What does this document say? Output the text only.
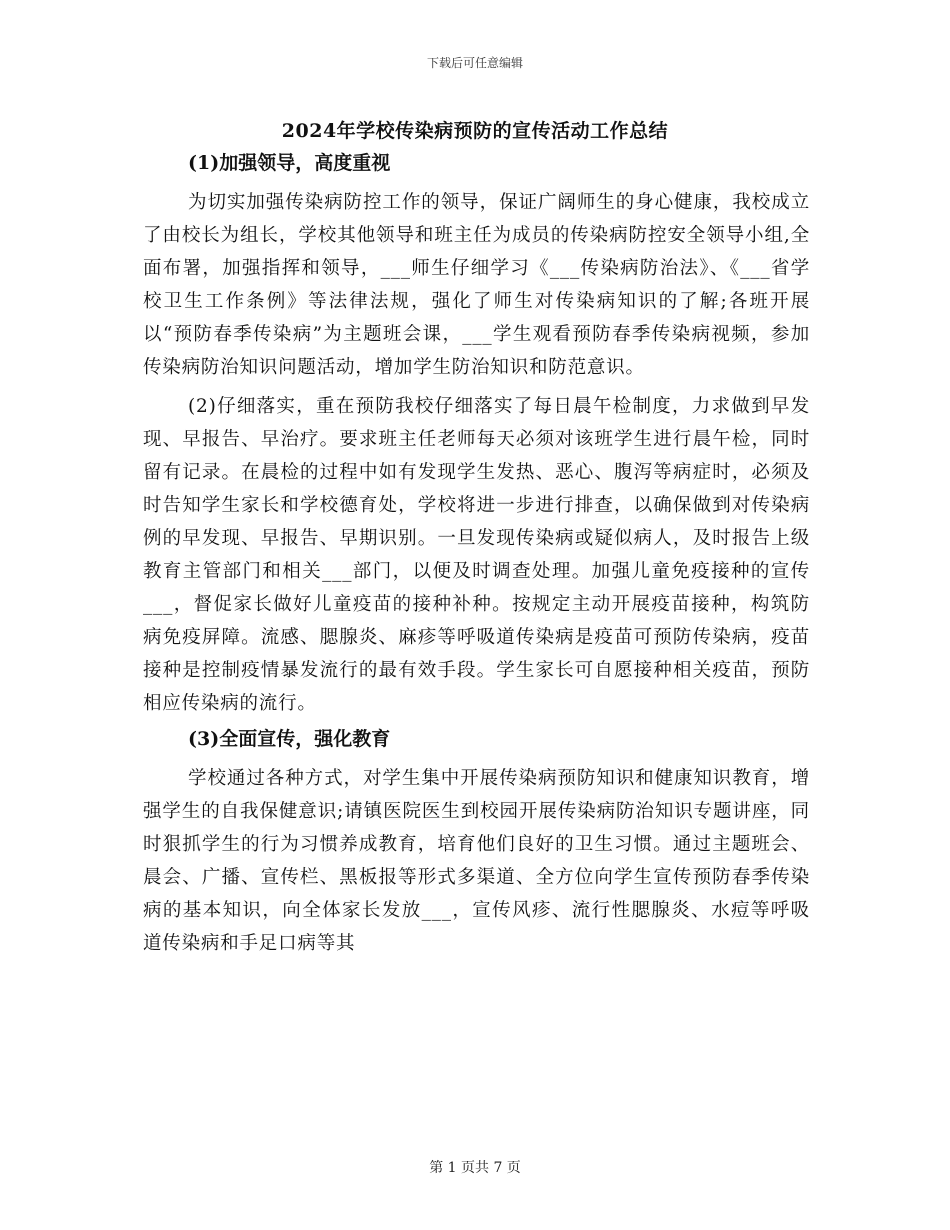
下载后可任意编辑
2024年学校传染病预防的宣传活动工作总结
(1)加强领导，高度重视

为切实加强传染病防控工作的领导，保证广阔师生的身心健康，我校成立了由校长为组长，学校其他领导和班主任为成员的传染病防控安全领导小组,全面布署，加强指挥和领导，___师生仔细学习《___传染病防治法》、《___省学校卫生工作条例》等法律法规，强化了师生对传染病知识的了解;各班开展以“预防春季传染病”为主题班会课，___学生观看预防春季传染病视频，参加传染病防治知识问题活动，增加学生防治知识和防范意识。

(2)仔细落实，重在预防我校仔细落实了每日晨午检制度，力求做到早发现、早报告、早治疗。要求班主任老师每天必须对该班学生进行晨午检，同时留有记录。在晨检的过程中如有发现学生发热、恶心、腹泻等病症时，必须及时告知学生家长和学校德育处，学校将进一步进行排查，以确保做到对传染病例的早发现、早报告、早期识别。一旦发现传染病或疑似病人，及时报告上级教育主管部门和相关___部门，以便及时调查处理。加强儿童免疫接种的宣传___，督促家长做好儿童疫苗的接种补种。按规定主动开展疫苗接种，构筑防病免疫屏障。流感、腮腺炎、麻疹等呼吸道传染病是疫苗可预防传染病，疫苗接种是控制疫情暴发流行的最有效手段。学生家长可自愿接种相关疫苗，预防相应传染病的流行。

(3)全面宣传，强化教育

学校通过各种方式，对学生集中开展传染病预防知识和健康知识教育，增强学生的自我保健意识;请镇医院医生到校园开展传染病防治知识专题讲座，同时狠抓学生的行为习惯养成教育，培育他们良好的卫生习惯。通过主题班会、晨会、广播、宣传栏、黑板报等形式多渠道、全方位向学生宣传预防春季传染病的基本知识，向全体家长发放___，宣传风疹、流行性腮腺炎、水痘等呼吸道传染病和手足口病等其

第 1 页共 7 页
